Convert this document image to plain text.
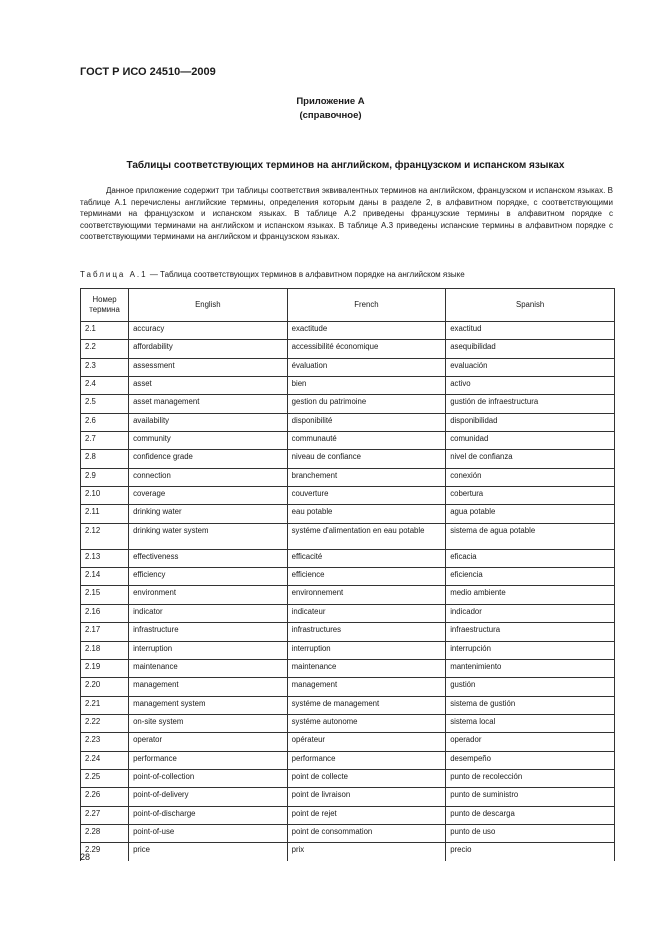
ГОСТ Р ИСО 24510—2009
Приложение А
(справочное)
Таблицы соответствующих терминов на английском, французском и испанском языках

Данное приложение содержит три таблицы соответствия эквивалентных терминов на английском, французском и испанском языках. В таблице А.1 перечислены английские термины, определения которым даны в разделе 2, в алфавитном порядке, с соответствующими терминами на французском и испанском языках. В таблице А.2 приведены французские термины в алфавитном порядке с соответствующими терминами на английском и испанском языках. В таблице А.3 приведены испанские термины в алфавитном порядке с соответствующими терминами на английском и французском языках.

Таблица А.1 — Таблица соответствующих терминов в алфавитном порядке на английском языке
Номер термина	English	French	Spanish
2.1	accuracy	exactitude	exactitud
2.2	affordability	accessibilité économique	asequibilidad
2.3	assessment	évaluation	evaluación
2.4	asset	bien	activo
2.5	asset management	gestion du patrimoine	gustión de infraestructura
2.6	availability	disponibilité	disponibilidad
2.7	community	communauté	comunidad
2.8	confidence grade	niveau de confiance	nivel de confianza
2.9	connection	branchement	conexión
2.10	coverage	couverture	cobertura
2.11	drinking water	eau potable	agua potable
2.12	drinking water system	systéme d'alimentation en eau potable	sistema de agua potable
2.13	effectiveness	efficacité	eficacia
2.14	efficiency	efficience	eficiencia
2.15	environment	environnement	medio ambiente
2.16	indicator	indicateur	indicador
2.17	infrastructure	infrastructures	infraestructura
2.18	interruption	interruption	interrupción
2.19	maintenance	maintenance	mantenimiento
2.20	management	management	gustión
2.21	management system	systéme de management	sistema de gustión
2.22	on-site system	systéme autonome	sistema local
2.23	operator	opérateur	operador
2.24	performance	performance	desempeño
2.25	point-of-collection	point de collecte	punto de recolección
2.26	point-of-delivery	point de livraison	punto de suministro
2.27	point-of-discharge	point de rejet	punto de descarga
2.28	point-of-use	point de consommation	punto de uso
2.29	price	prix	precio
28
